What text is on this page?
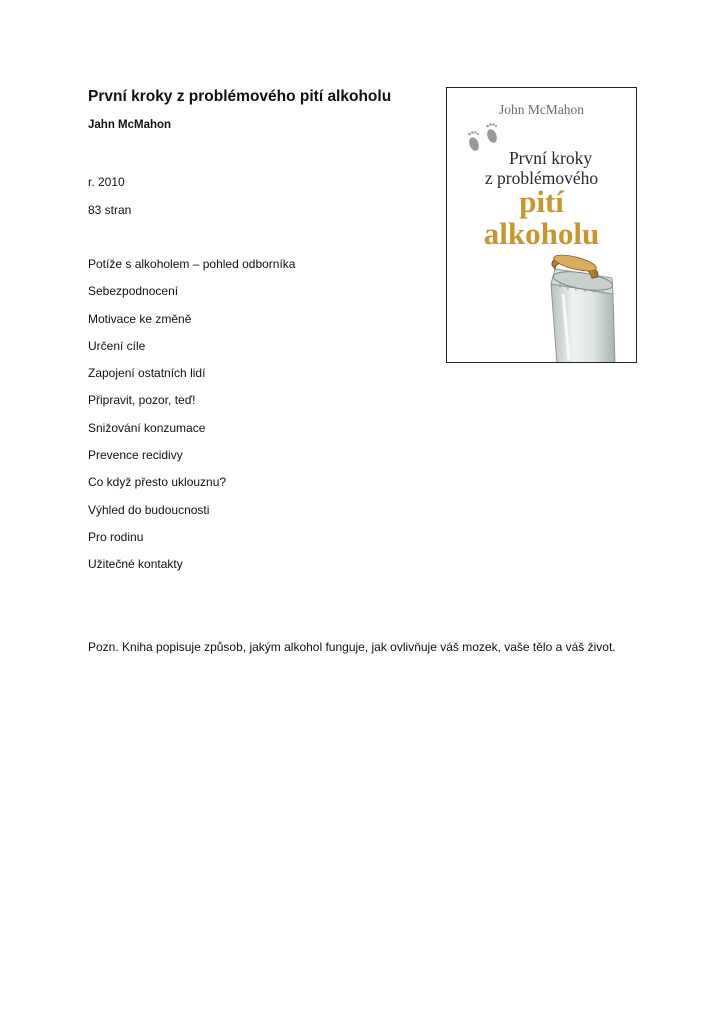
První kroky z problémového pití alkoholu
Jahn McMahon
r. 2010
83 stran
Potíže s alkoholem – pohled odborníka
Sebezpodnocení
Motivace ke změně
Určení cíle
Zapojení ostatních lidí
Připravit, pozor, teď!
Snižování konzumace
Prevence recidivy
Co když přesto uklouznu?
Výhled do budoucnosti
Pro rodinu
Užitečné kontakty
Pozn. Kniha popisuje způsob, jakým alkohol funguje, jak ovlivňuje váš mozek, vaše tělo a váš život.
John McMahon
První kroky
z problémového
pití
alkoholu
